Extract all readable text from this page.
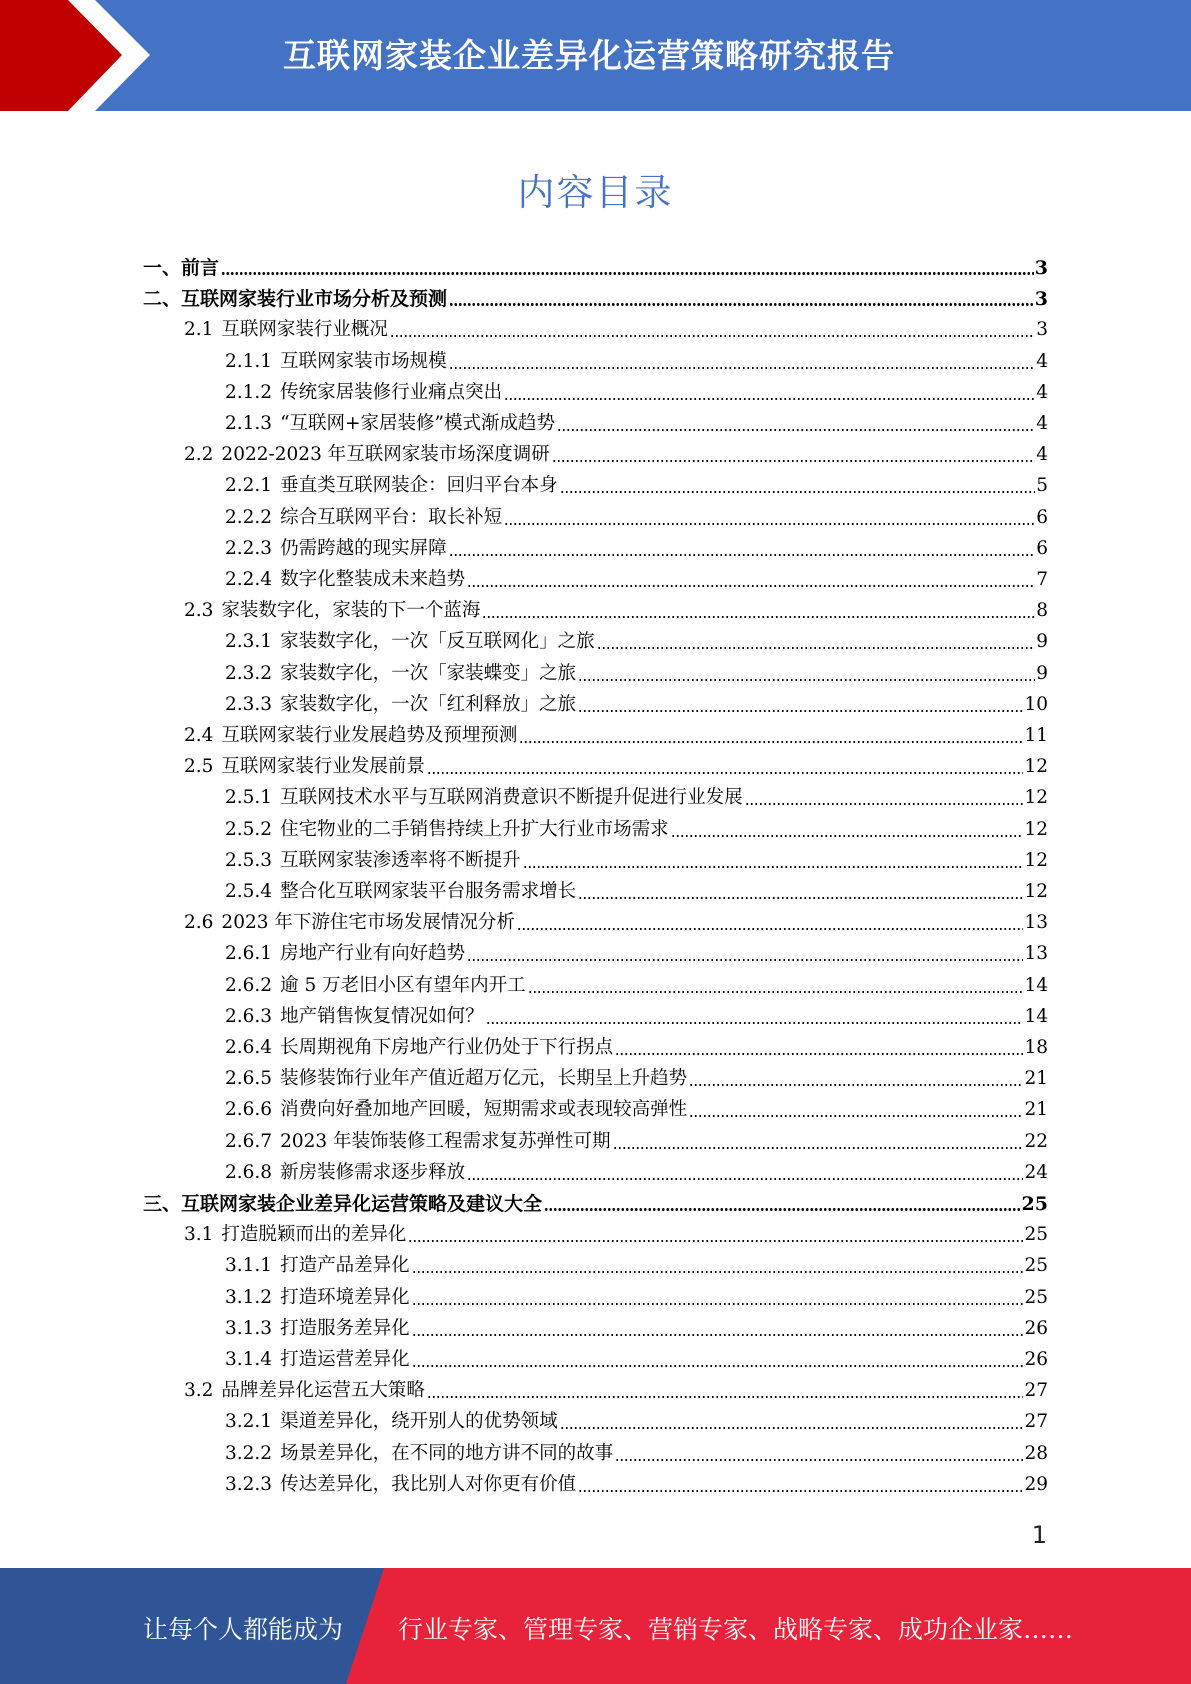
互联网家装企业差异化运营策略研究报告
内容目录
一、 前言	3
二、 互联网家装行业市场分析及预测	3
2.1 互联网家装行业概况	3
2.1.1 互联网家装市场规模	4
2.1.2 传统家居装修行业痛点突出	4
2.1.3 “互联网+家居装修”模式渐成趋势	4
2.2 2022-2023 年互联网家装市场深度调研	4
2.2.1 垂直类互联网装企：回归平台本身	5
2.2.2 综合互联网平台：取长补短	6
2.2.3 仍需跨越的现实屏障	6
2.2.4 数字化整装成未来趋势	7
2.3 家装数字化，家装的下一个蓝海	8
2.3.1 家装数字化，一次「反互联网化」之旅	9
2.3.2 家装数字化，一次「家装蝶变」之旅	9
2.3.3 家装数字化，一次「红利释放」之旅	10
2.4 互联网家装行业发展趋势及预埋预测	11
2.5 互联网家装行业发展前景	12
2.5.1 互联网技术水平与互联网消费意识不断提升促进行业发展	12
2.5.2 住宅物业的二手销售持续上升扩大行业市场需求	12
2.5.3 互联网家装渗透率将不断提升	12
2.5.4 整合化互联网家装平台服务需求增长	12
2.6 2023 年下游住宅市场发展情况分析	13
2.6.1 房地产行业有向好趋势	13
2.6.2 逾 5 万老旧小区有望年内开工	14
2.6.3 地产销售恢复情况如何？	14
2.6.4 长周期视角下房地产行业仍处于下行拐点	18
2.6.5 装修装饰行业年产值近超万亿元，长期呈上升趋势	21
2.6.6 消费向好叠加地产回暖，短期需求或表现较高弹性	21
2.6.7 2023 年装饰装修工程需求复苏弹性可期	22
2.6.8 新房装修需求逐步释放	24
三、 互联网家装企业差异化运营策略及建议大全	25
3.1 打造脱颖而出的差异化	25
3.1.1 打造产品差异化	25
3.1.2 打造环境差异化	25
3.1.3 打造服务差异化	26
3.1.4 打造运营差异化	26
3.2 品牌差异化运营五大策略	27
3.2.1 渠道差异化，绕开别人的优势领域	27
3.2.2 场景差异化，在不同的地方讲不同的故事	28
3.2.3 传达差异化，我比别人对你更有价值	29
1
让每个人都能成为 行业专家、管理专家、营销专家、战略专家、成功企业家……
